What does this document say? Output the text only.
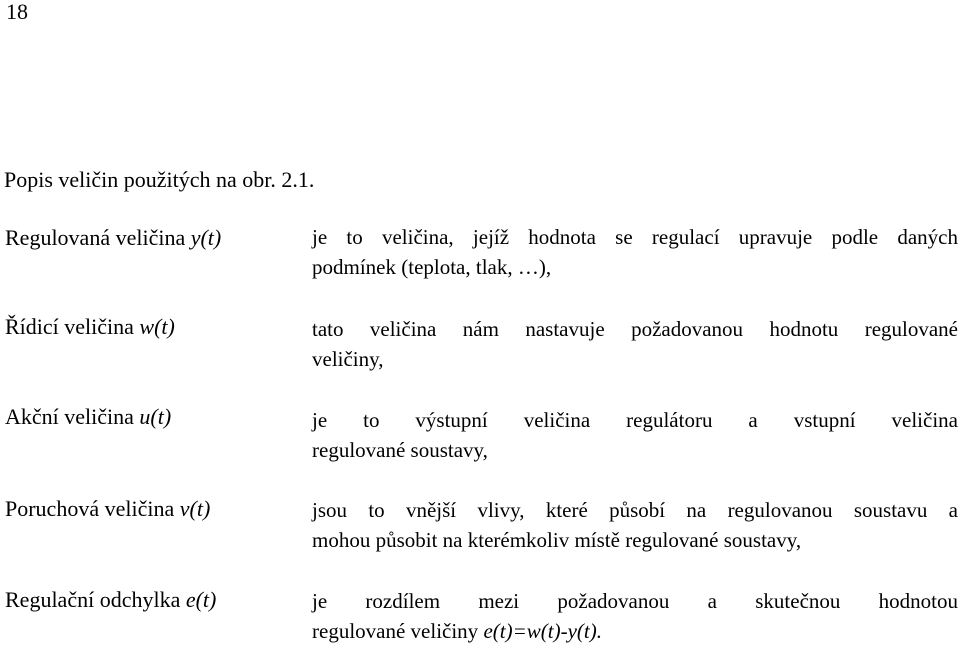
18
Popis veličin použitých na obr. 2.1.
Regulovaná veličina y(t)	je to veličina, jejíž hodnota se regulací upravuje podle daných
podmínek (teplota, tlak, …),
Řídicí veličina w(t)	tato veličina nám nastavuje požadovanou hodnotu regulované
veličiny,
Akční veličina u(t)	je to výstupní veličina regulátoru a vstupní veličina
regulované soustavy,
Poruchová veličina v(t)	jsou to vnější vlivy, které působí na regulovanou soustavu a
mohou působit na kterémkoliv místě regulované soustavy,
Regulační odchylka e(t)	je rozdílem mezi požadovanou a skutečnou hodnotou
regulované veličiny e(t)=w(t)-y(t).
